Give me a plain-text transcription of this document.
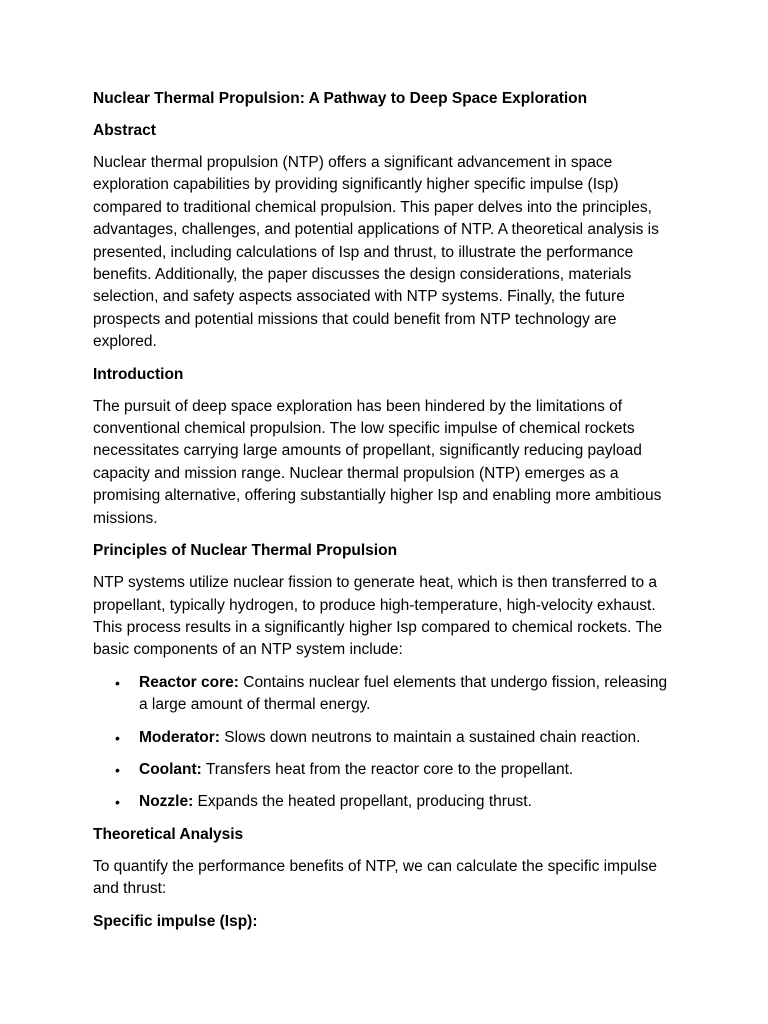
Nuclear Thermal Propulsion: A Pathway to Deep Space Exploration
Abstract
Nuclear thermal propulsion (NTP) offers a significant advancement in space exploration capabilities by providing significantly higher specific impulse (Isp) compared to traditional chemical propulsion. This paper delves into the principles, advantages, challenges, and potential applications of NTP. A theoretical analysis is presented, including calculations of Isp and thrust, to illustrate the performance benefits. Additionally, the paper discusses the design considerations, materials selection, and safety aspects associated with NTP systems. Finally, the future prospects and potential missions that could benefit from NTP technology are explored.
Introduction
The pursuit of deep space exploration has been hindered by the limitations of conventional chemical propulsion. The low specific impulse of chemical rockets necessitates carrying large amounts of propellant, significantly reducing payload capacity and mission range. Nuclear thermal propulsion (NTP) emerges as a promising alternative, offering substantially higher Isp and enabling more ambitious missions.
Principles of Nuclear Thermal Propulsion
NTP systems utilize nuclear fission to generate heat, which is then transferred to a propellant, typically hydrogen, to produce high-temperature, high-velocity exhaust. This process results in a significantly higher Isp compared to chemical rockets. The basic components of an NTP system include:
• Reactor core: Contains nuclear fuel elements that undergo fission, releasing a large amount of thermal energy.
• Moderator: Slows down neutrons to maintain a sustained chain reaction.
• Coolant: Transfers heat from the reactor core to the propellant.
• Nozzle: Expands the heated propellant, producing thrust.
Theoretical Analysis
To quantify the performance benefits of NTP, we can calculate the specific impulse and thrust:
Specific impulse (Isp):
